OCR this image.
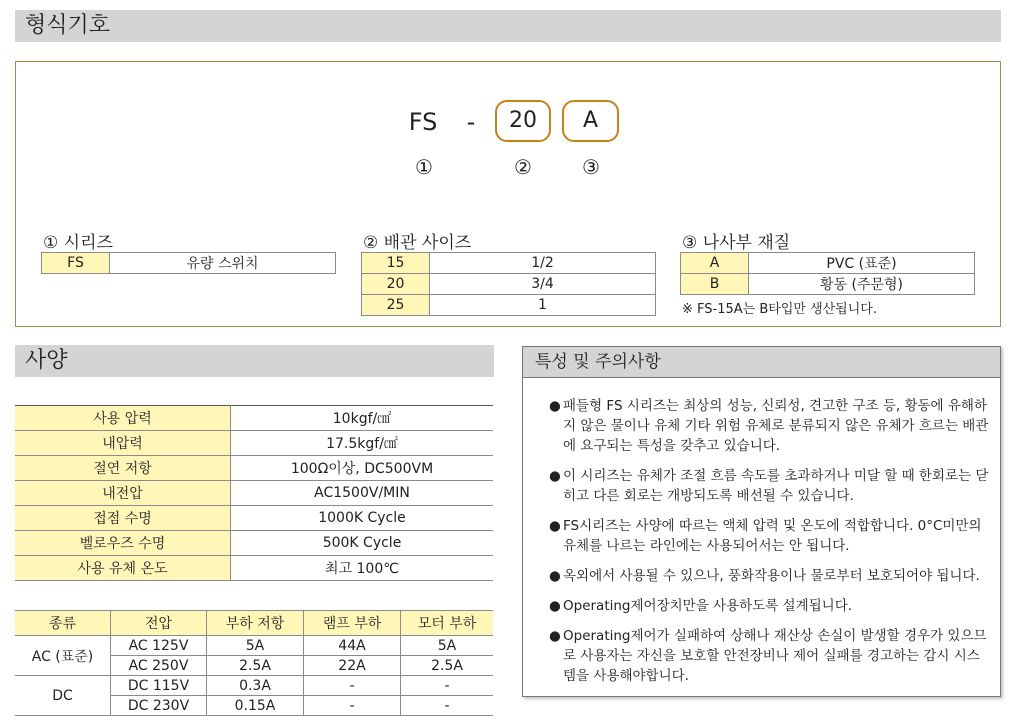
형식기호
FS	-	20	A
①	②	③
① 시리즈
FS	유량 스위치
② 배관 사이즈
15	1/2
20	3/4
25	1
③ 나사부 재질
A	PVC (표준)
B	황동 (주문형)
※ FS-15A는 B타입만 생산됩니다.
사양
사용 압력	10kgf/㎠
내압력	17.5kgf/㎠
절연 저항	100Ω이상, DC500VM
내전압	AC1500V/MIN
접점 수명	1000K Cycle
벨로우즈 수명	500K Cycle
사용 유체 온도	최고 100℃
종류	전압	부하 저항	램프 부하	모터 부하
AC (표준)	AC 125V	5A	44A	5A
	AC 250V	2.5A	22A	2.5A
DC	DC 115V	0.3A	-	-
	DC 230V	0.15A	-	-
특성 및 주의사항
● 패들형 FS 시리즈는 최상의 성능, 신뢰성, 견고한 구조 등, 황동에 유해하지 않은 물이나 유체 기타 위험 유체로 분류되지 않은 유체가 흐르는 배관에 요구되는 특성을 갖추고 있습니다.
● 이 시리즈는 유체가 조절 흐름 속도를 초과하거나 미달 할 때 한회로는 닫히고 다른 회로는 개방되도록 배선될 수 있습니다.
● FS시리즈는 사양에 따르는 액체 압력 및 온도에 적합합니다. 0°C미만의 유체를 나르는 라인에는 사용되어서는 안 됩니다.
● 옥외에서 사용될 수 있으나, 풍화작용이나 물로부터 보호되어야 됩니다.
● Operating제어장치만을 사용하도록 설계됩니다.
● Operating제어가 실패하여 상해나 재산상 손실이 발생할 경우가 있으므로 사용자는 자신을 보호할 안전장비나 제어 실패를 경고하는 감시 시스템을 사용해야합니다.
